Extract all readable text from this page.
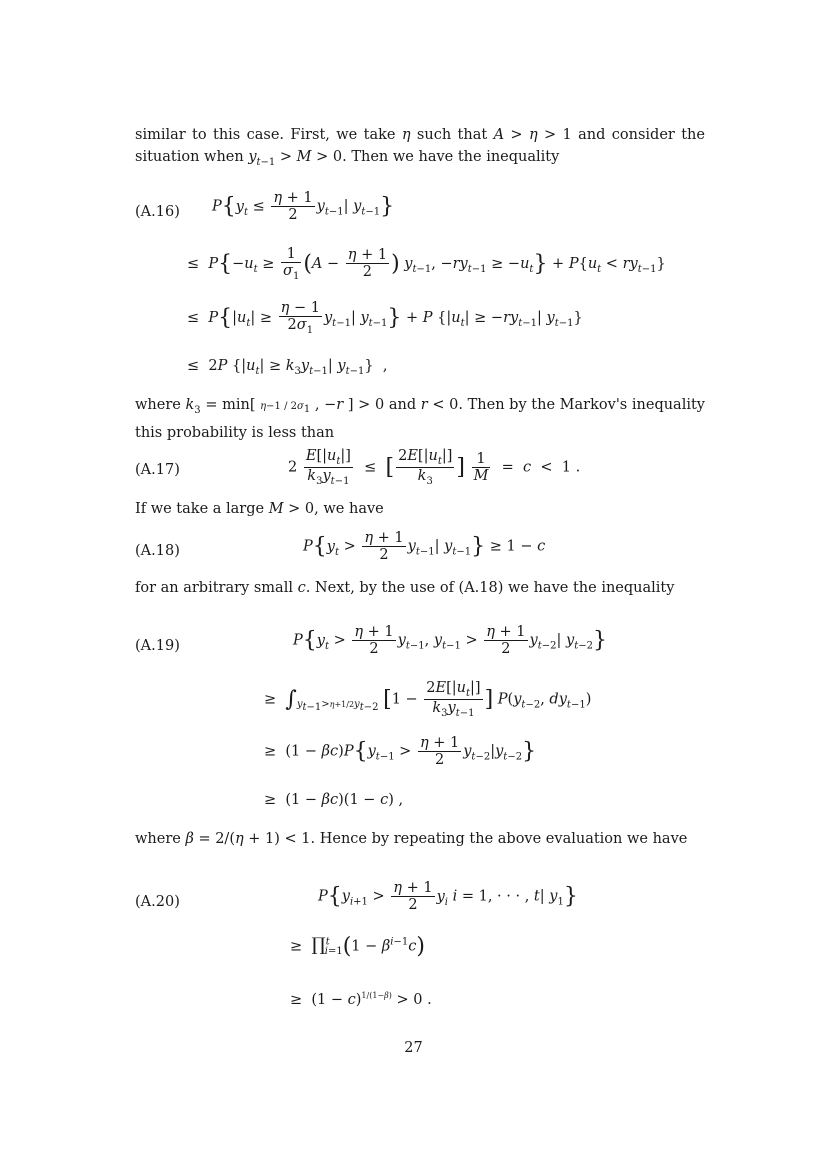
similar to this case. First, we take η such that A > η > 1 and consider the situation when $y_{t-1} > M > 0$. Then we have the inequality
(A.16) $P\{y_t \le \frac{\eta + 1}{2} y_{t-1}|$ $y_{t-1}$}
≤  $P\{-u_t \ge \frac{1}{\sigma_1} (A - \frac{\eta + 1}{2}$ ) $y_{t-1}$, $-ry_{t-1} \ge -u_t\} + P\{u_t < ry_{t-1}\}$
≤  $P\{|u_t| \ge \frac{\eta - 1}{2\sigma_1} y_{t-1}|$ $y_{t-1}\} + P$ {$|u_t| \ge -ry_{t-1}|$ $y_{t-1}$}
≤  2P {$|u_t| \ge k_3y_{t-1}|$ $y_{t-1}$}  ,
where $k_3 = \min$[ $\eta-1 / 2\sigma_1$ , −r ] > 0 and r < 0. Then by the Markov's inequality this probability is less than
(A.17)	$2 \frac{E[|u_t|]}{k_3y_{t-1}}$ ≤  [ $\frac{2E[|u_t|]}{k_3}$ ] $\frac{1}{M} = c < 1$ .
If we take a large M > 0, we have
(A.18)	$P\{y_t > \frac{\eta + 1}{2} y_{t-1}|$ $y_{t-1}\} \ge 1 - c$
for an arbitrary small c. Next, by the use of (A.18) we have the inequality
(A.19)	$P\{y_t > \frac{\eta + 1}{2} y_{t-1}$, $y_{t-1} > \frac{\eta + 1}{2} y_{t-2}|$ $y_{t-2}$}
≥  $\int_{y_{t-1}>\eta+1/2y_{t-2}}$ [$1 - \frac{2E[|u_t|]}{k_3y_{t-1}}$ ] $P(y_{t-2}$, $dy_{t-1}$)
≥  $(1 - \beta c)P\{y_{t-1} > \frac{\eta + 1}{2} y_{t-2}|y_{t-2}\}$
≥  (1 − βc)(1 − c) ,
where β = 2/(η + 1) < 1. Hence by repeating the above evaluation we have
(A.20)	$P\{y_{i+1} > \frac{\eta + 1}{2} y_i$ i = 1, · · · , t| $y_1$}
≥  ∏$^t_{i=1}$(1 − $\beta^{i-1}c$)
≥  $(1 - c)^{1/(1-\beta)} > 0$ .
27
